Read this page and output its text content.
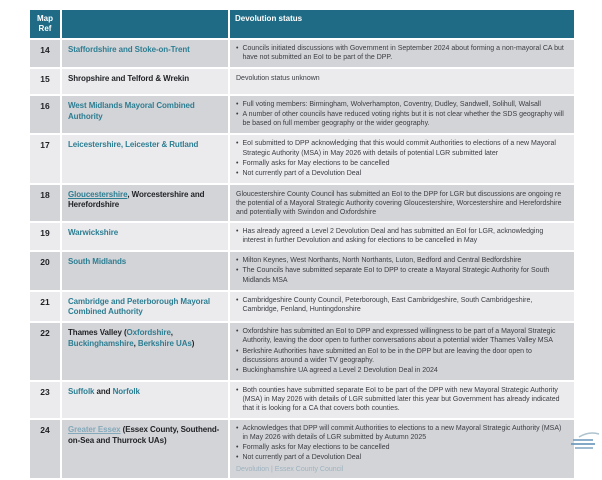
Map Ref		Devolution status
14	Staffordshire and Stoke-on-Trent	• Councils initiated discussions with Government in September 2024 about forming a non-mayoral CA but have not submitted an EoI to be part of the DPP.

15	Shropshire and Telford & Wrekin	Devolution status unknown

16	West Midlands Mayoral Combined Authority	• Full voting members: Birmingham, Wolverhampton, Coventry, Dudley, Sandwell, Solihull, Walsall
• A number of other councils have reduced voting rights but it is not clear whether the SDS geography will be based on full member geography or the wider geography.

17	Leicestershire, Leicester & Rutland	• EoI submitted to DPP acknowledging that this would commit Authorities to elections of a new Mayoral Strategic Authority (MSA) in May 2026 with details of potential LGR submitted later
• Formally asks for May elections to be cancelled
• Not currently part of a Devolution Deal

18	Gloucestershire, Worcestershire and Herefordshire	Gloucestershire County Council has submitted an EoI to the DPP for LGR but discussions are ongoing re the potential of a Mayoral Strategic Authority covering Gloucestershire, Worcestershire and Herefordshire and potentially with Swindon and Oxfordshire

19	Warwickshire	• Has already agreed a Level 2 Devolution Deal and has submitted an EoI for LGR, acknowledging interest in further Devolution and asking for elections to be cancelled in May

20	South Midlands	• Milton Keynes, West Northants, North Northants, Luton, Bedford and Central Bedfordshire
• The Councils have submitted separate EoI to DPP to create a Mayoral Strategic Authority for South Midlands MSA

21	Cambridge and Peterborough Mayoral Combined Authority	• Cambridgeshire County Council, Peterborough, East Cambridgeshire, South Cambridgeshire, Cambridge, Fenland, Huntingdonshire

22	Thames Valley (Oxfordshire, Buckinghamshire, Berkshire UAs)	
• Oxfordshire has submitted an EoI to DPP and expressed willingness to be part of a Mayoral Strategic Authority, leaving the door open to further conversations about a potential wider Thames Valley MSA
• Berkshire Authorities have submitted an EoI to be in the DPP but are leaving the door open to discussions around a wider TV geography.
• Buckinghamshire UA agreed a Level 2 Devolution Deal in 2024

23	Suffolk and Norfolk	• Both counties have submitted separate EoI to be part of the DPP with new Mayoral Strategic Authority (MSA) in May 2026 with details of LGR submitted later this year but Government has already indicated that it is looking for a CA that covers both counties.

24	Greater Essex (Essex County, Southend-on-Sea and Thurrock UAs)	
• Acknowledges that DPP will commit Authorities to elections to a new Mayoral Strategic Authority (MSA) in May 2026 with details of LGR submitted by Autumn 2025
• Formally asks for May elections to be cancelled
• Not currently part of a Devolution Deal
Devolution | Essex County Council
